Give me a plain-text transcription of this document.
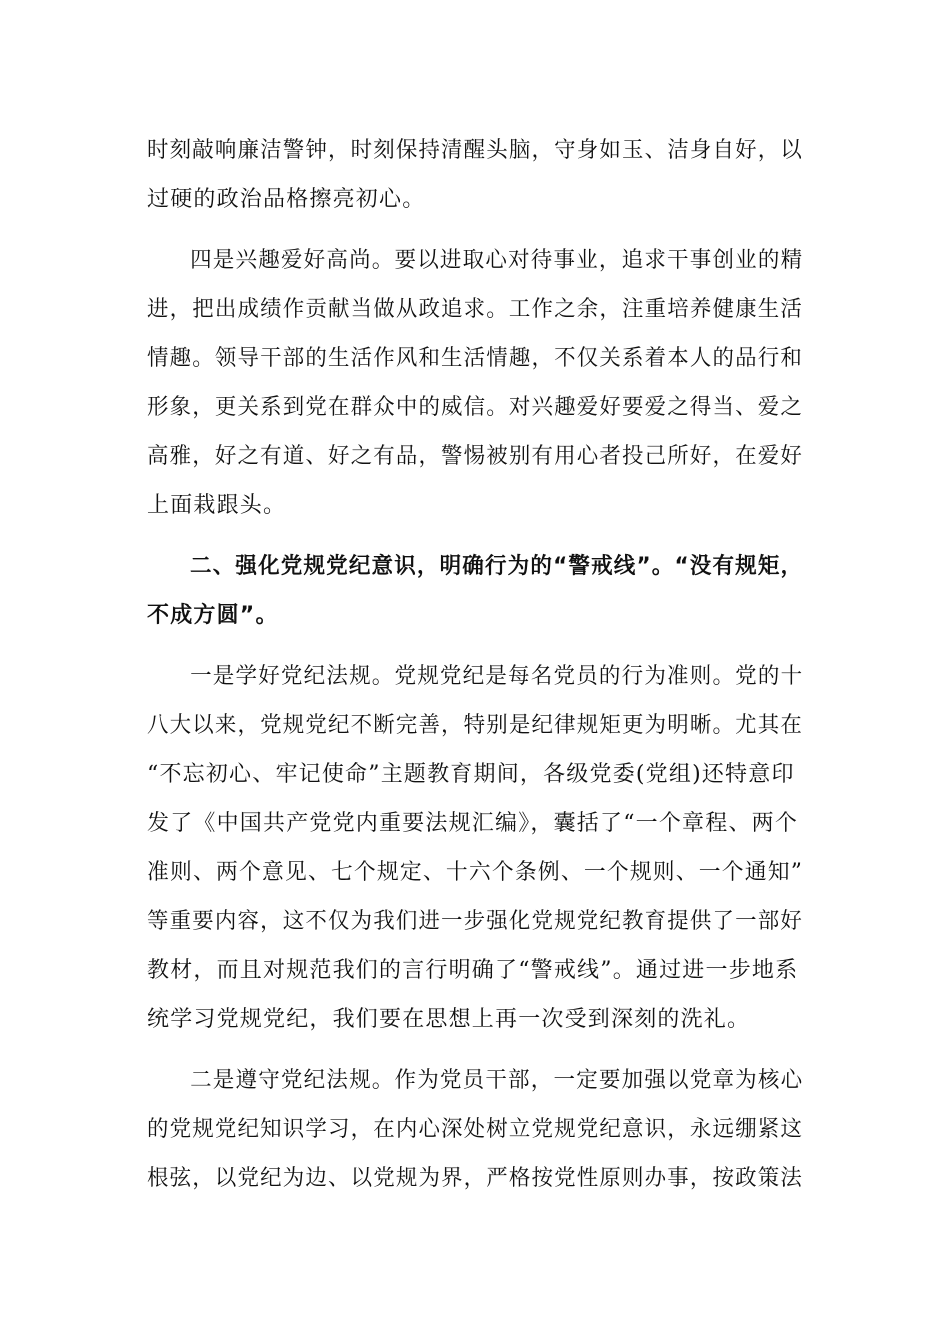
时刻敲响廉洁警钟，时刻保持清醒头脑，守身如玉、洁身自好，以
过硬的政治品格擦亮初心。

四是兴趣爱好高尚。要以进取心对待事业，追求干事创业的精
进，把出成绩作贡献当做从政追求。工作之余，注重培养健康生活
情趣。领导干部的生活作风和生活情趣，不仅关系着本人的品行和
形象，更关系到党在群众中的威信。对兴趣爱好要爱之得当、爱之
高雅，好之有道、好之有品，警惕被别有用心者投己所好，在爱好
上面栽跟头。

二、强化党规党纪意识，明确行为的“警戒线”。“没有规矩，
不成方圆”。

一是学好党纪法规。党规党纪是每名党员的行为准则。党的十
八大以来，党规党纪不断完善，特别是纪律规矩更为明晰。尤其在
“不忘初心、牢记使命”主题教育期间，各级党委(党组)还特意印
发了《中国共产党党内重要法规汇编》，囊括了“一个章程、两个
准则、两个意见、七个规定、十六个条例、一个规则、一个通知”
等重要内容，这不仅为我们进一步强化党规党纪教育提供了一部好
教材，而且对规范我们的言行明确了“警戒线”。通过进一步地系
统学习党规党纪，我们要在思想上再一次受到深刻的洗礼。

二是遵守党纪法规。作为党员干部，一定要加强以党章为核心
的党规党纪知识学习，在内心深处树立党规党纪意识，永远绷紧这
根弦，以党纪为边、以党规为界，严格按党性原则办事，按政策法
